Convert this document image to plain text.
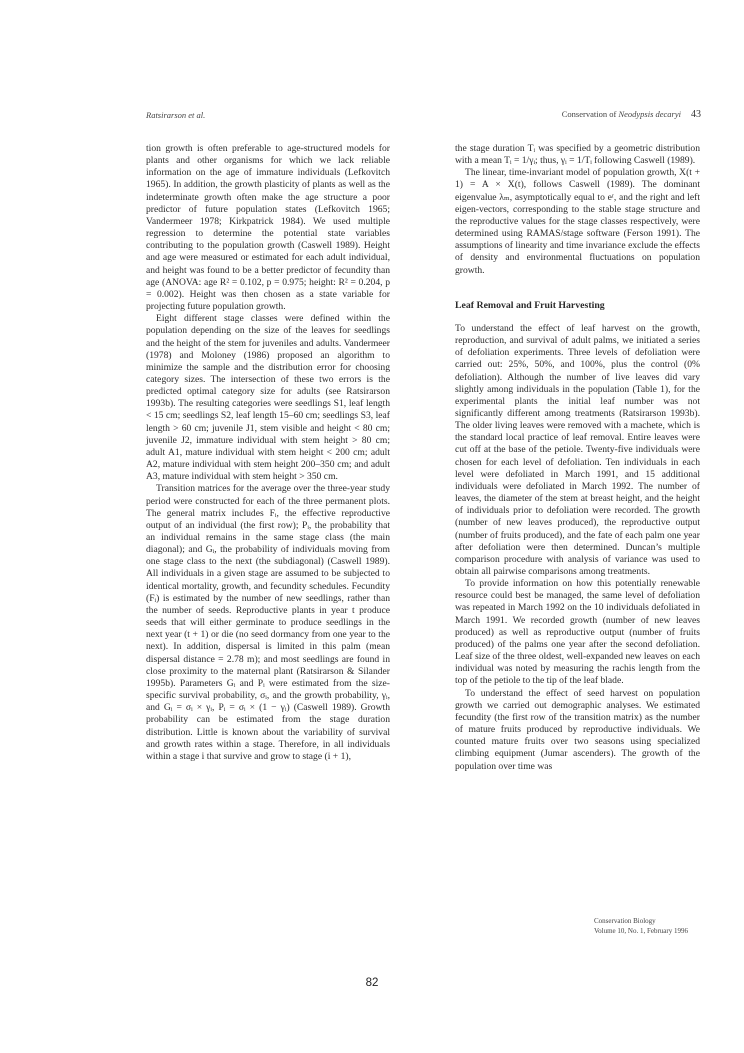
Ratsirarson et al.	Conservation of Neodypsis decaryi 43

tion growth is often preferable to age-structured models for plants and other organisms for which we lack reliable information on the age of immature individuals (Lefkovitch 1965). In addition, the growth plasticity of plants as well as the indeterminate growth often make the age structure a poor predictor of future population states (Lefkovitch 1965; Vandermeer 1978; Kirkpatrick 1984). We used multiple regression to determine the potential state variables contributing to the population growth (Caswell 1989). Height and age were measured or estimated for each adult individual, and height was found to be a better predictor of fecundity than age (ANOVA: age R² = 0.102, p = 0.975; height: R² = 0.204, p = 0.002). Height was then chosen as a state variable for projecting future population growth.

Eight different stage classes were defined within the population depending on the size of the leaves for seedlings and the height of the stem for juveniles and adults. Vandermeer (1978) and Moloney (1986) proposed an algorithm to minimize the sample and the distribution error for choosing category sizes. The intersection of these two errors is the predicted optimal category size for adults (see Ratsirarson 1993b). The resulting categories were seedlings S1, leaf length < 15 cm; seedlings S2, leaf length 15–60 cm; seedlings S3, leaf length > 60 cm; juvenile J1, stem visible and height < 80 cm; juvenile J2, immature individual with stem height > 80 cm; adult A1, mature individual with stem height < 200 cm; adult A2, mature individual with stem height 200–350 cm; and adult A3, mature individual with stem height > 350 cm.

Transition matrices for the average over the three-year study period were constructed for each of the three permanent plots. The general matrix includes Fᵢ, the effective reproductive output of an individual (the first row); Pᵢ, the probability that an individual remains in the same stage class (the main diagonal); and Gᵢ, the probability of individuals moving from one stage class to the next (the subdiagonal) (Caswell 1989). All individuals in a given stage are assumed to be subjected to identical mortality, growth, and fecundity schedules. Fecundity (Fᵢ) is estimated by the number of new seedlings, rather than the number of seeds. Reproductive plants in year t produce seeds that will either germinate to produce seedlings in the next year (t + 1) or die (no seed dormancy from one year to the next). In addition, dispersal is limited in this palm (mean dispersal distance = 2.78 m); and most seedlings are found in close proximity to the maternal plant (Ratsirarson & Silander 1995b). Parameters Gᵢ and Pᵢ were estimated from the size-specific survival probability, σᵢ, and the growth probability, γᵢ, and Gᵢ = σᵢ × γᵢ, Pᵢ = σᵢ × (1 − γᵢ) (Caswell 1989). Growth probability can be estimated from the stage duration distribution. Little is known about the variability of survival and growth rates within a stage. Therefore, in all individuals within a stage i that survive and grow to stage (i + 1),

the stage duration Tᵢ was specified by a geometric distribution with a mean Tᵢ = 1/γᵢ; thus, γᵢ = 1/Tᵢ following Caswell (1989).

The linear, time-invariant model of population growth, X(t + 1) = A × X(t), follows Caswell (1989). The dominant eigenvalue λₘ, asymptotically equal to eʳ, and the right and left eigen-vectors, corresponding to the stable stage structure and the reproductive values for the stage classes respectively, were determined using RAMAS/stage software (Ferson 1991). The assumptions of linearity and time invariance exclude the effects of density and environmental fluctuations on population growth.

Leaf Removal and Fruit Harvesting

To understand the effect of leaf harvest on the growth, reproduction, and survival of adult palms, we initiated a series of defoliation experiments. Three levels of defoliation were carried out: 25%, 50%, and 100%, plus the control (0% defoliation). Although the number of live leaves did vary slightly among individuals in the population (Table 1), for the experimental plants the initial leaf number was not significantly different among treatments (Ratsirarson 1993b). The older living leaves were removed with a machete, which is the standard local practice of leaf removal. Entire leaves were cut off at the base of the petiole. Twenty-five individuals were chosen for each level of defoliation. Ten individuals in each level were defoliated in March 1991, and 15 additional individuals were defoliated in March 1992. The number of leaves, the diameter of the stem at breast height, and the height of individuals prior to defoliation were recorded. The growth (number of new leaves produced), the reproductive output (number of fruits produced), and the fate of each palm one year after defoliation were then determined. Duncan’s multiple comparison procedure with analysis of variance was used to obtain all pairwise comparisons among treatments.

To provide information on how this potentially renewable resource could best be managed, the same level of defoliation was repeated in March 1992 on the 10 individuals defoliated in March 1991. We recorded growth (number of new leaves produced) as well as reproductive output (number of fruits produced) of the palms one year after the second defoliation. Leaf size of the three oldest, well-expanded new leaves on each individual was noted by measuring the rachis length from the top of the petiole to the tip of the leaf blade.

To understand the effect of seed harvest on population growth we carried out demographic analyses. We estimated fecundity (the first row of the transition matrix) as the number of mature fruits produced by reproductive individuals. We counted mature fruits over two seasons using specialized climbing equipment (Jumar ascenders). The growth of the population over time was

Conservation Biology
Volume 10, No. 1, February 1996
82
